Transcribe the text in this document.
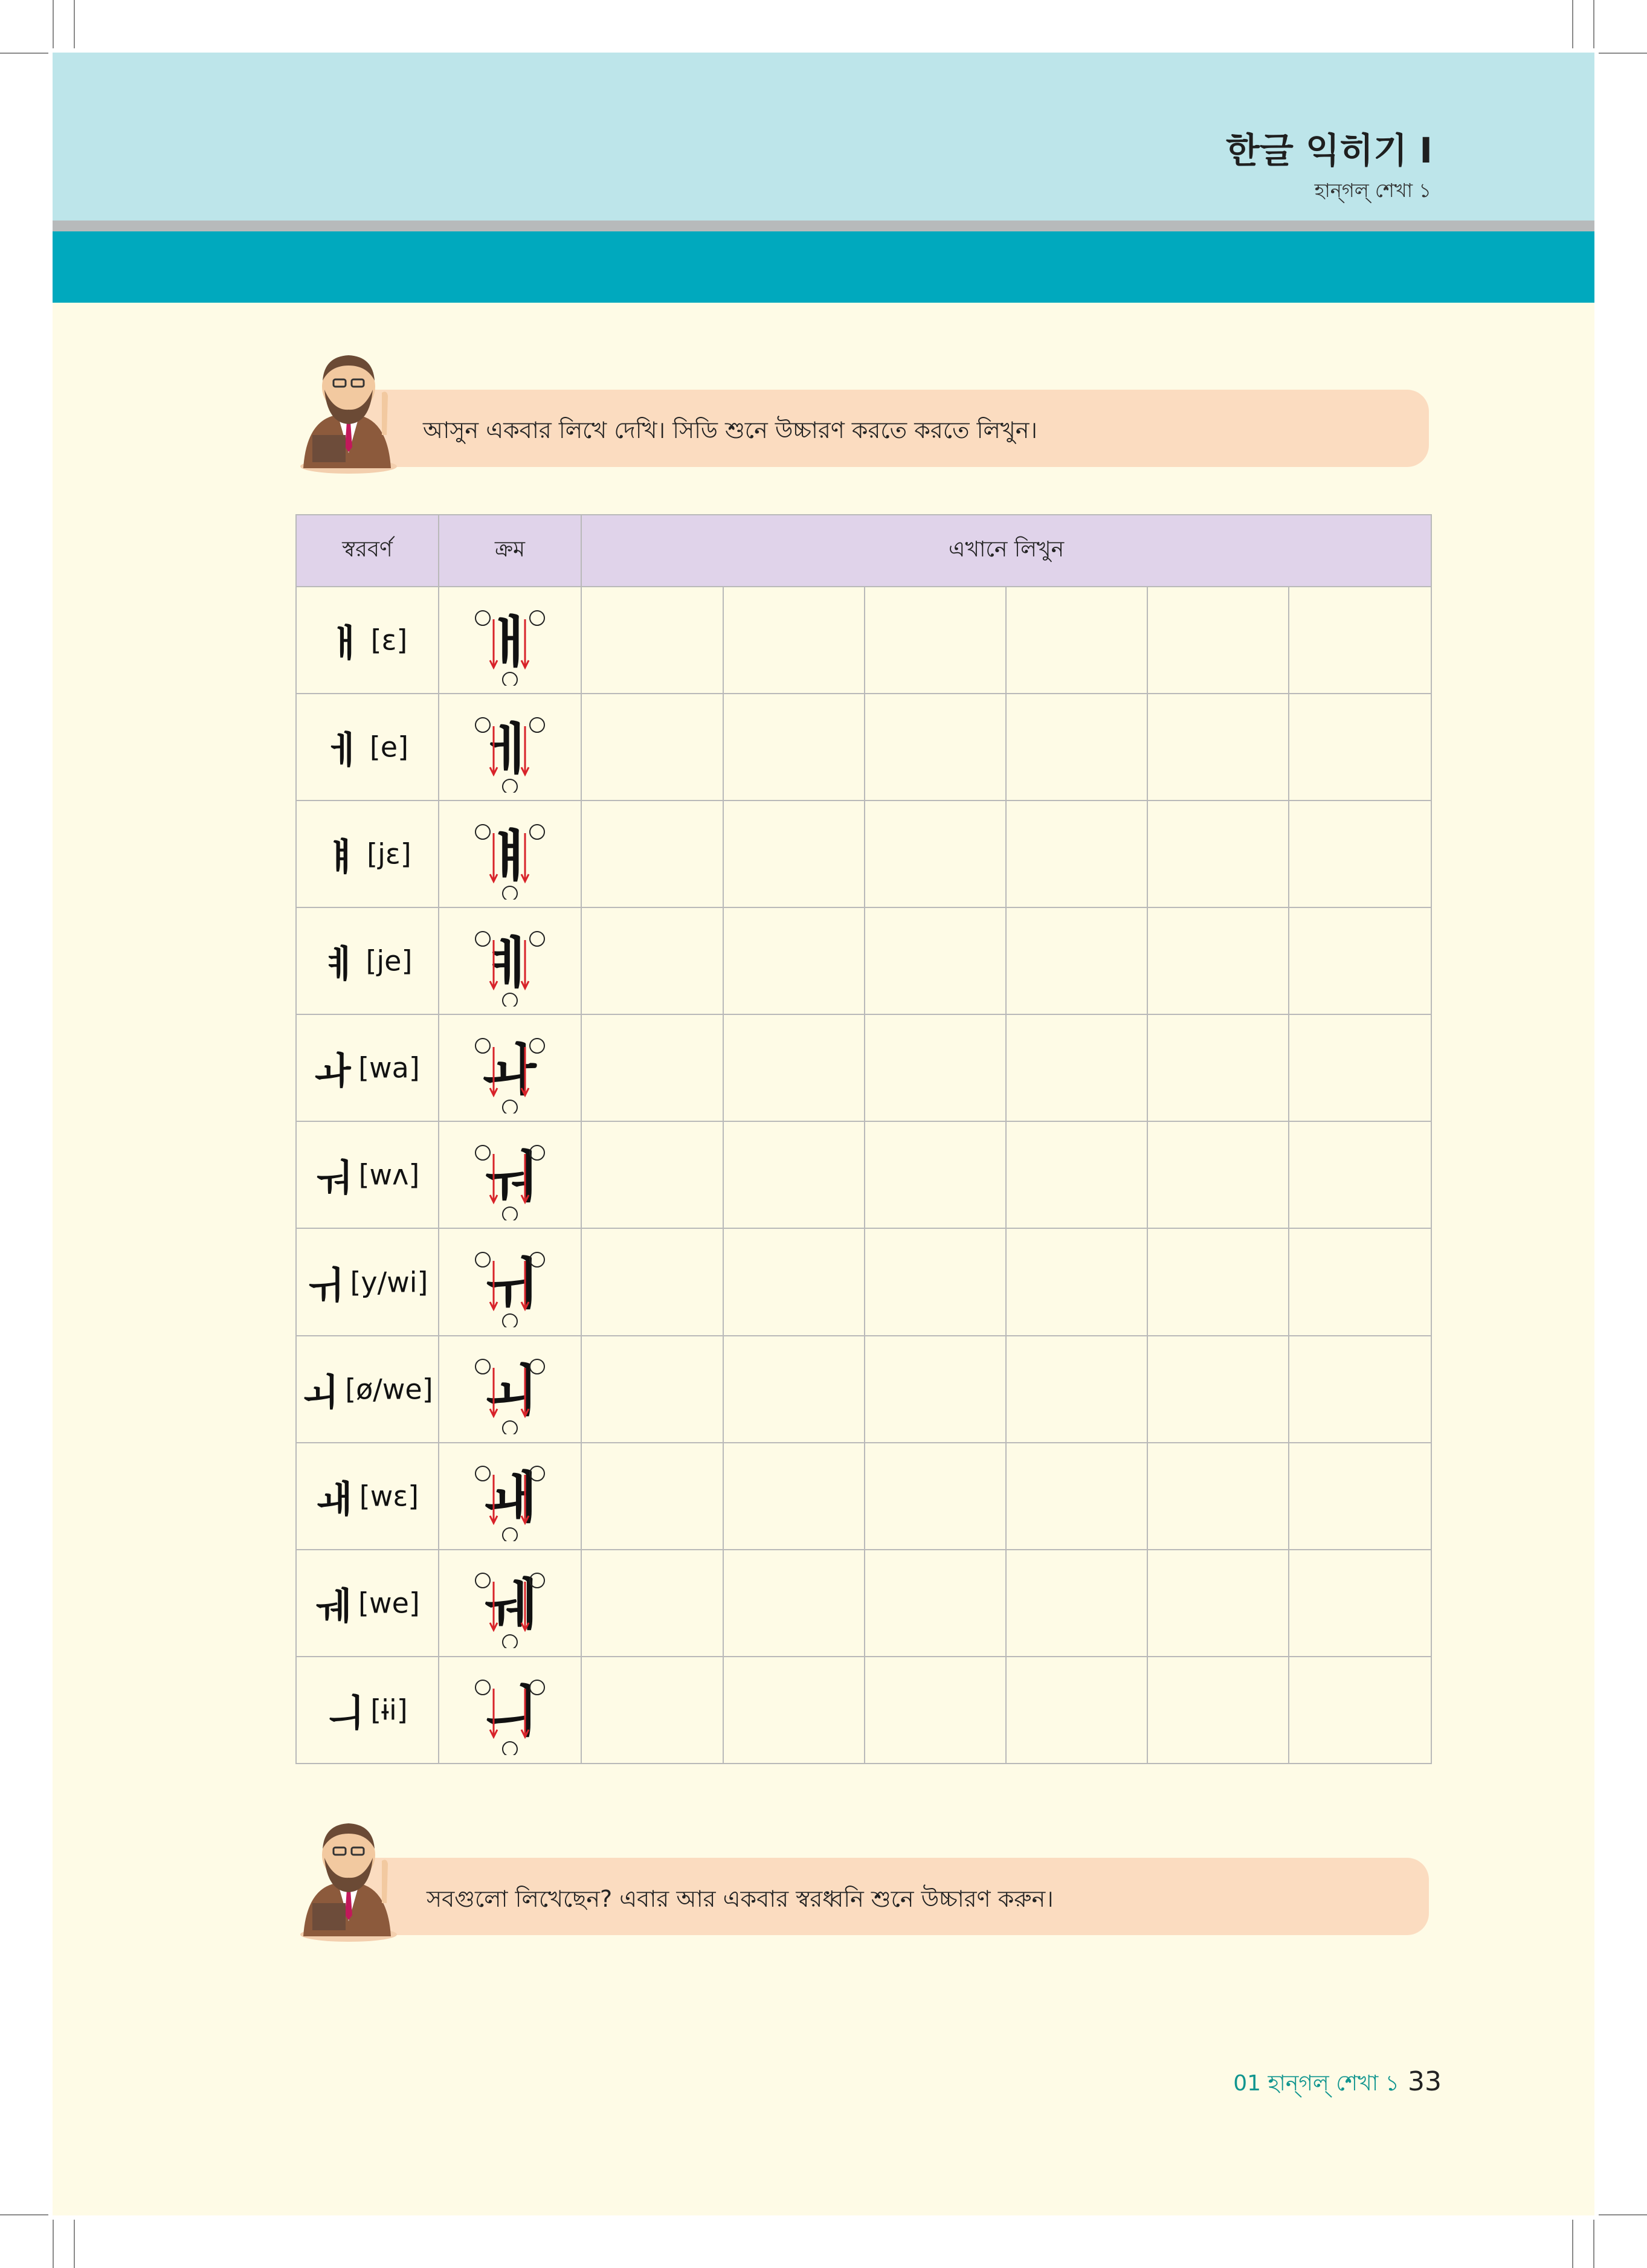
한글 익히기 I
হান্গল্ শেখা ১
আসুন একবার লিখে দেখি। সিডি শুনে উচ্চারণ করতে করতে লিখুন।
স্বরবর্ণ	ক্রম	এখানে লিখুন					
ㅐ [ɛ]	ㅐ						

ㅔ [e]	ㅔ						

ㅒ [jɛ]	ㅒ						

ㅖ [je]	ㅖ						

ㅘ [wa]	ㅘ						

ㅝ [wʌ]	ㅝ						

ㅟ [y/wi]	ㅟ						

ㅚ [ø/we]	ㅚ						

ㅙ [wɛ]	ㅙ						

ㅞ [we]	ㅞ						

ㅢ [ɨi]	ㅢ						

সবগুলো লিখেছেন? এবার আর একবার স্বরধ্বনি শুনে উচ্চারণ করুন।
01 হান্গল্ শেখা ১ 33
